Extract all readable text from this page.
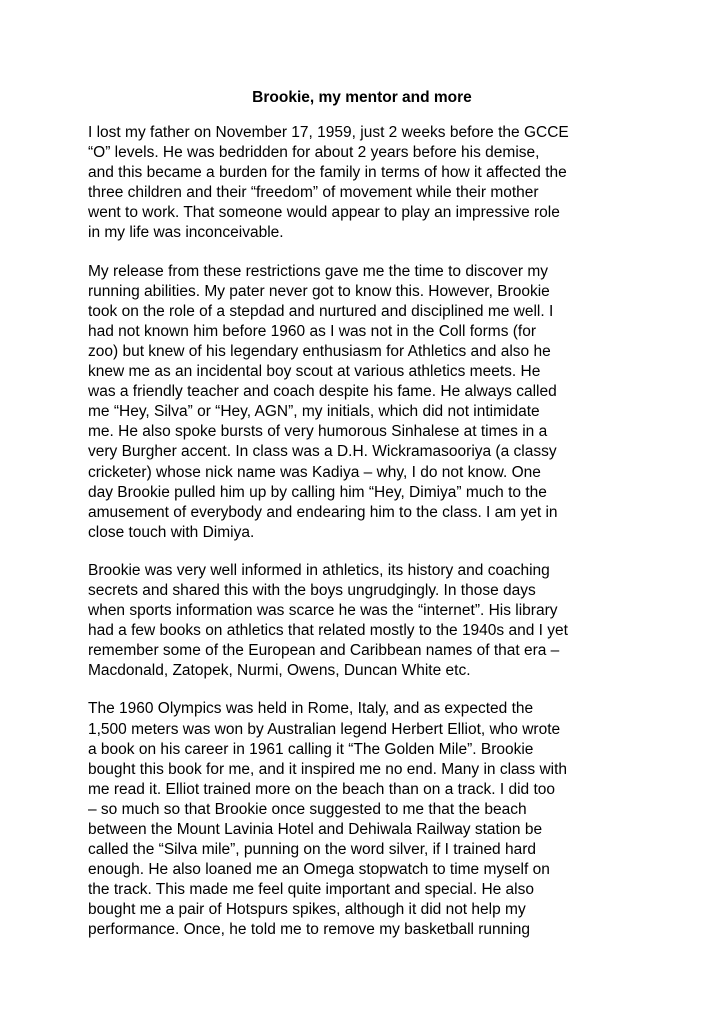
Brookie, my mentor and more

I lost my father on November 17, 1959, just 2 weeks before the GCCE
“O” levels. He was bedridden for about 2 years before his demise,
and this became a burden for the family in terms of how it affected the
three children and their “freedom” of movement while their mother
went to work. That someone would appear to play an impressive role
in my life was inconceivable.

My release from these restrictions gave me the time to discover my
running abilities. My pater never got to know this. However, Brookie
took on the role of a stepdad and nurtured and disciplined me well. I
had not known him before 1960 as I was not in the Coll forms (for
zoo) but knew of his legendary enthusiasm for Athletics and also he
knew me as an incidental boy scout at various athletics meets. He
was a friendly teacher and coach despite his fame. He always called
me “Hey, Silva” or “Hey, AGN”, my initials, which did not intimidate
me. He also spoke bursts of very humorous Sinhalese at times in a
very Burgher accent. In class was a D.H. Wickramasooriya (a classy
cricketer) whose nick name was Kadiya – why, I do not know. One
day Brookie pulled him up by calling him “Hey, Dimiya” much to the
amusement of everybody and endearing him to the class. I am yet in
close touch with Dimiya.

Brookie was very well informed in athletics, its history and coaching
secrets and shared this with the boys ungrudgingly. In those days
when sports information was scarce he was the “internet”. His library
had a few books on athletics that related mostly to the 1940s and I yet
remember some of the European and Caribbean names of that era –
Macdonald, Zatopek, Nurmi, Owens, Duncan White etc.

The 1960 Olympics was held in Rome, Italy, and as expected the
1,500 meters was won by Australian legend Herbert Elliot, who wrote
a book on his career in 1961 calling it “The Golden Mile”. Brookie
bought this book for me, and it inspired me no end. Many in class with
me read it. Elliot trained more on the beach than on a track. I did too
– so much so that Brookie once suggested to me that the beach
between the Mount Lavinia Hotel and Dehiwala Railway station be
called the “Silva mile”, punning on the word silver, if I trained hard
enough. He also loaned me an Omega stopwatch to time myself on
the track. This made me feel quite important and special. He also
bought me a pair of Hotspurs spikes, although it did not help my
performance. Once, he told me to remove my basketball running
